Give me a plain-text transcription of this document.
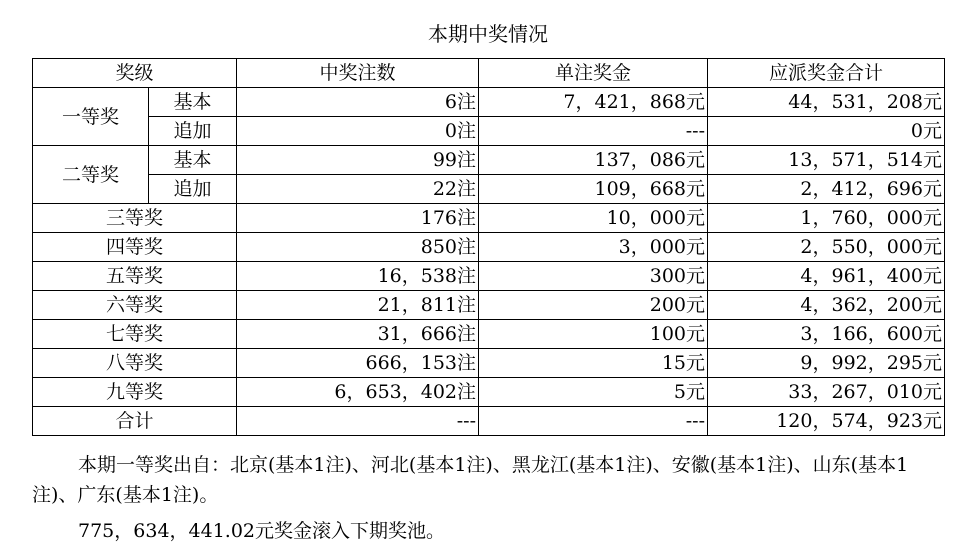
本期中奖情况
奖级		中奖注数	单注奖金	应派奖金合计
一等奖	基本	6注	7，421，868元	44，531，208元
	追加	0注	---	0元
二等奖	基本	99注	137，086元	13，571，514元
	追加	22注	109，668元	2，412，696元
三等奖		176注	10，000元	1，760，000元
四等奖		850注	3，000元	2，550，000元
五等奖		16，538注	300元	4，961，400元
六等奖		21，811注	200元	4，362，200元
七等奖		31，666注	100元	3，166，600元
八等奖		666，153注	15元	9，992，295元
九等奖		6，653，402注	5元	33，267，010元
合计		---	---	120，574，923元
本期一等奖出自：北京(基本1注)、河北(基本1注)、黑龙江(基本1注)、安徽(基本1注)、山东(基本1注)、广东(基本1注)。
775，634，441.02元奖金滚入下期奖池。
